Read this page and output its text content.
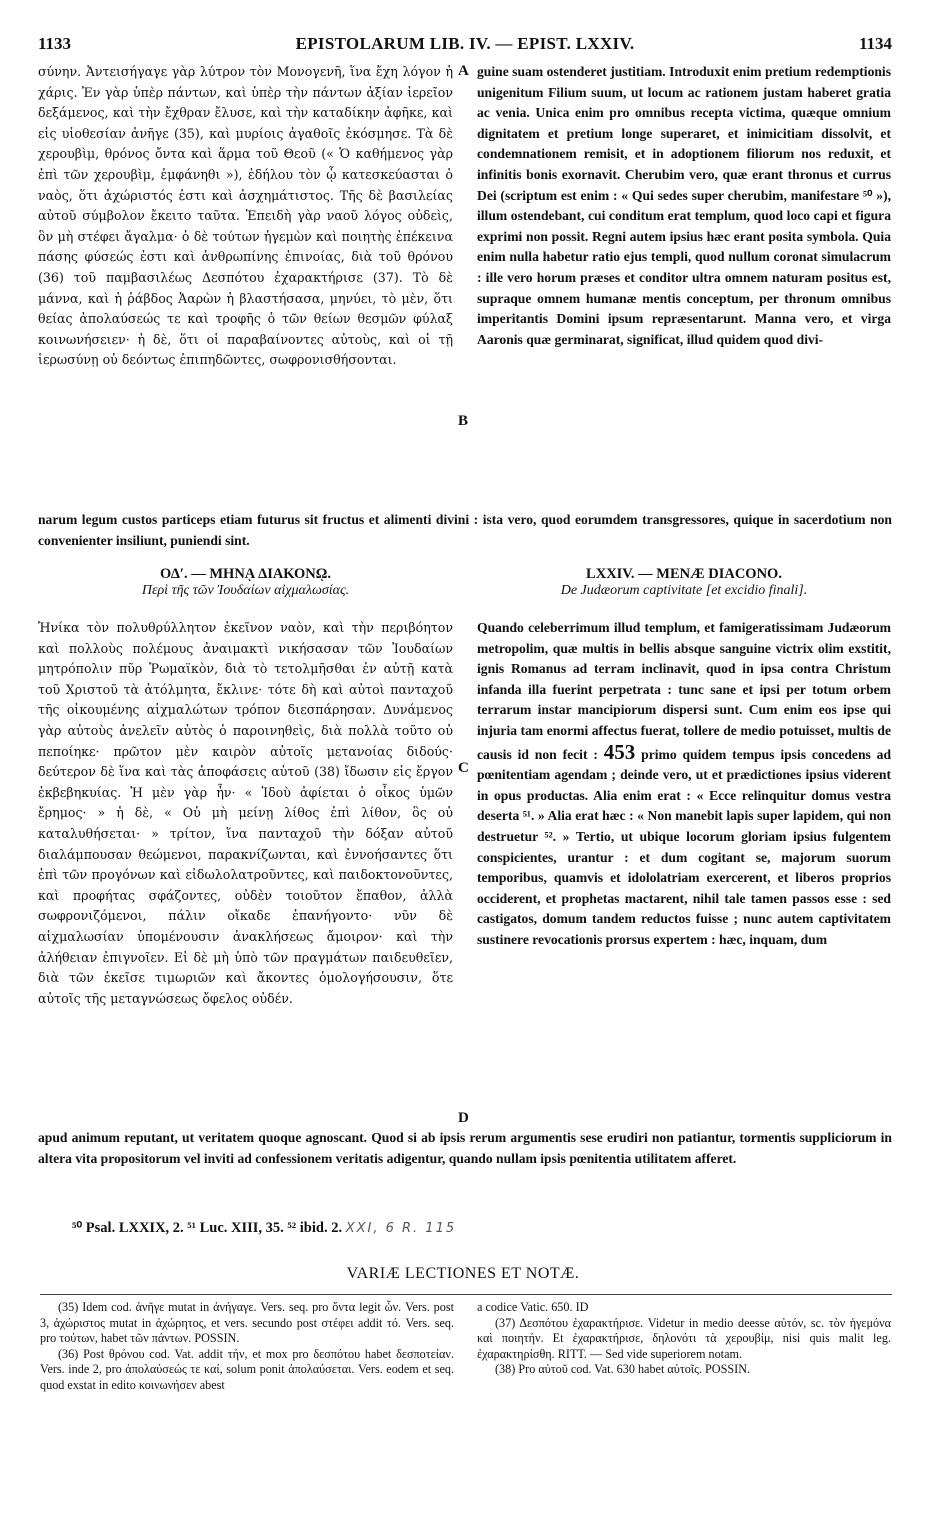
1133	EPISTOLARUM LIB. IV. — EPIST. LXXIV.	1134

σύνην. Ἀντεισήγαγε γὰρ λύτρον τὸν Μονογενῆ, ἵνα ἔχη λόγον ἡ χάρις. Ἐν γὰρ ὑπὲρ πάντων, καὶ ὑπὲρ τὴν πάντων ἀξίαν ἱερεῖον δεξάμενος, καὶ τὴν ἔχθραν ἔλυσε, καὶ τὴν καταδίκην ἀφῆκε, καὶ εἰς υἱοθεσίαν ἀνῆγε (35), καὶ μυρίοις ἀγαθοῖς ἐκόσμησε. Τὰ δὲ χερουβὶμ, θρόνος ὄντα καὶ ἅρμα τοῦ Θεοῦ (« Ὁ καθήμενος γὰρ ἐπὶ τῶν χερουβὶμ, ἐμφάνηθι »), ἐδήλου τὸν ᾧ κατεσκεύασται ὁ ναὸς, ὅτι ἀχώριστός ἐστι καὶ ἀσχημάτιστος. Τῆς δὲ βασιλείας αὐτοῦ σύμβολον ἔκειτο ταῦτα. Ἐπειδὴ γὰρ ναοῦ λόγος οὐδεὶς, ὃν μὴ στέφει ἄγαλμα· ὁ δὲ τούτων ἡγεμὼν καὶ ποιητὴς ἐπέκεινα πάσης φύσεώς ἐστι καὶ ἀνθρωπίνης ἐπινοίας, διὰ τοῦ θρόνου (36) τοῦ παμβασιλέως Δεσπότου ἐχαρακτήρισε (37). Τὸ δὲ μάννα, καὶ ἡ ῥάβδος Ἀαρὼν ἡ βλαστήσασα, μηνύει, τὸ μὲν, ὅτι θείας ἀπολαύσεώς τε καὶ τροφῆς ὁ τῶν θείων θεσμῶν φύλαξ κοινωνήσειεν· ἡ δὲ, ὅτι οἱ παραβαίνοντες αὐτοὺς, καὶ οἱ τῇ ἱερωσύνῃ οὐ δεόντως ἐπιπηδῶντες, σωφρονισθήσονται.

guine suam ostenderet justitiam. Introduxit enim pretium redemptionis unigenitum Filium suum, ut locum ac rationem justam haberet gratia ac venia. Unica enim pro omnibus recepta victima, quæque omnium dignitatem et pretium longe superaret, et inimicitiam dissolvit, et condemnationem remisit, et in adoptionem filiorum nos reduxit, et infinitis bonis exornavit. Cherubim vero, quæ erant thronus et currus Dei (scriptum est enim : « Qui sedes super cherubim, manifestare ⁵⁰ »), illum ostendebant, cui conditum erat templum, quod loco capi et figura exprimi non possit. Regni autem ipsius hæc erant posita symbola. Quia enim nulla habetur ratio ejus templi, quod nullum coronat simulacrum : ille vero horum præses et conditor ultra omnem naturam positus est, supraque omnem humanæ mentis conceptum, per thronum omnibus imperitantis Domini ipsum repræsentarunt. Manna vero, et virga Aaronis quæ germinarat, significat, illud quidem quod divi-

A
B

narum legum custos particeps etiam futurus sit fructus et alimenti divini : ista vero, quod eorumdem transgressores, quique in sacerdotium non convenienter insiliunt, puniendi sint.

ΟΔʹ. — ΜΗΝᾼ ΔΙΑΚΟΝῼ.
Περὶ τῆς τῶν Ἰουδαίων αἰχμαλωσίας.
LXXIV. — MENÆ DIACONO.
De Judæorum captivitate [et excidio finali].

Ἡνίκα τὸν πολυθρύλλητον ἐκεῖνον ναὸν, καὶ τὴν περιβόητον καὶ πολλοὺς πολέμους ἀναιμακτὶ νικήσασαν τῶν Ἰουδαίων μητρόπολιν πῦρ Ῥωμαϊκὸν, διὰ τὸ τετολμῆσθαι ἐν αὐτῇ κατὰ τοῦ Χριστοῦ τὰ ἀτόλμητα, ἔκλινε· τότε δὴ καὶ αὐτοὶ πανταχοῦ τῆς οἰκουμένης αἰχμαλώτων τρόπον διεσπάρησαν. Δυνάμενος γὰρ αὐτοὺς ἀνελεῖν αὐτὸς ὁ παροινηθεὶς, διὰ πολλὰ τοῦτο οὐ πεποίηκε· πρῶτον μὲν καιρὸν αὐτοῖς μετανοίας διδούς· δεύτερον δὲ ἵνα καὶ τὰς ἀποφάσεις αὐτοῦ (38) ἴδωσιν εἰς ἔργον ἐκβεβηκυίας. Ἡ μὲν γὰρ ἦν· « Ἰδοὺ ἀφίεται ὁ οἶκος ὑμῶν ἔρημος· » ἡ δὲ, « Οὐ μὴ μείνῃ λίθος ἐπὶ λίθον, ὃς οὐ καταλυθήσεται· » τρίτον, ἵνα πανταχοῦ τὴν δόξαν αὐτοῦ διαλάμπουσαν θεώμενοι, παρακνίζωνται, καὶ ἐννοήσαντες ὅτι ἐπὶ τῶν προγόνων καὶ εἰδωλολατροῦντες, καὶ παιδοκτονοῦντες, καὶ προφήτας σφάζοντες, οὐδὲν τοιοῦτον ἔπαθον, ἀλλὰ σωφρονιζόμενοι, πάλιν οἴκαδε ἐπανήγοντο· νῦν δὲ αἰχμαλωσίαν ὑπομένουσιν ἀνακλήσεως ἄμοιρον· καὶ τὴν ἀλήθειαν ἐπιγνοῖεν. Εἰ δὲ μὴ ὑπὸ τῶν πραγμάτων παιδευθεῖεν, διὰ τῶν ἐκεῖσε τιμωριῶν καὶ ἄκοντες ὁμολογήσουσιν, ὅτε αὐτοῖς τῆς μεταγνώσεως ὄφελος οὐδέν.

Quando celeberrimum illud templum, et famigeratissimam Judæorum metropolim, quæ multis in bellis absque sanguine victrix olim exstitit, ignis Romanus ad terram inclinavit, quod in ipsa contra Christum infanda illa fuerint perpetrata : tunc sane et ipsi per totum orbem terrarum instar mancipiorum dispersi sunt. Cum enim eos ipse qui injuria tam enormi affectus fuerat, tollere de medio potuisset, multis de causis id non fecit : 453 primo quidem tempus ipsis concedens ad pœnitentiam agendam ; deinde vero, ut et prædictiones ipsius viderent in opus productas. Alia enim erat : « Ecce relinquitur domus vestra deserta ⁵¹. » Alia erat hæc : « Non manebit lapis super lapidem, qui non destruetur ⁵². » Tertio, ut ubique locorum gloriam ipsius fulgentem conspicientes, urantur : et dum cogitant se, majorum suorum temporibus, quamvis et idololatriam exercerent, et liberos proprios occiderent, et prophetas mactarent, nihil tale tamen passos esse : sed castigatos, domum tandem reductos fuisse ; nunc autem captivitatem sustinere revocationis prorsus expertem : hæc, inquam, dum

C
D

apud animum reputant, ut veritatem quoque agnoscant. Quod si ab ipsis rerum argumentis sese erudiri non patiantur, tormentis suppliciorum in altera vita propositorum vel inviti ad confessionem veritatis adigentur, quando nullam ipsis pœnitentia utilitatem afferet.

⁵⁰ Psal. LXXIX, 2. ⁵¹ Luc. XIII, 35. ⁵² ibid. 2. XXI, 6 R. 115
VARIÆ LECTIONES ET NOTÆ.

(35) Idem cod. ἀνῆγε mutat in ἀνήγαγε. Vers. seq. pro ὄντα legit ὧν. Vers. post 3, ἀχώριστος mutat in ἀχώρητος, et vers. secundo post στέφει addit τό. Vers. seq. pro τούτων, habet τῶν πάντων. POSSIN.

(36) Post θρόνου cod. Vat. addit τήν, et mox pro δεσπότου habet δεσποτείαν. Vers. inde 2, pro ἀπολαύσεώς τε καί, solum ponit ἀπολαύσεται. Vers. eodem et seq. quod exstat in edito κοινωνήσεν abest

a codice Vatic. 650. ID

(37) Δεσπότου ἐχαρακτήρισε. Videtur in medio deesse αὐτόν, sc. τὸν ἡγεμόνα καὶ ποιητήν. Et ἐχαρακτήρισε, δηλονότι τὰ χερουβίμ, nisi quis malit leg. ἐχαρακτηρίσθη. RITT. — Sed vide superiorem notam.

(38) Pro αὐτοῦ cod. Vat. 630 habet αὐτοῖς. POSSIN.
